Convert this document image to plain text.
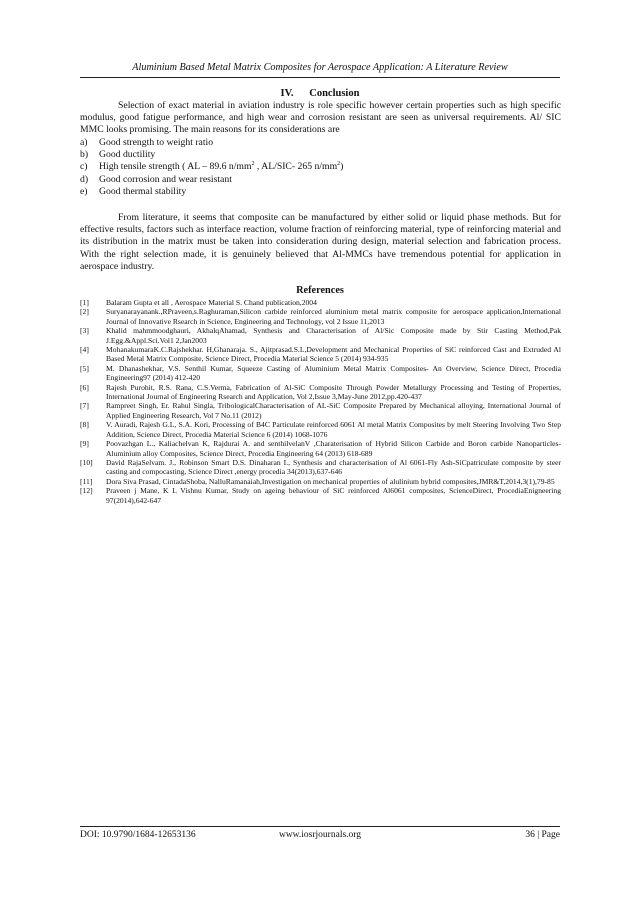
Aluminium Based Metal Matrix Composites for Aerospace Application: A Literature Review
IV. Conclusion
Selection of exact material in aviation industry is role specific however certain properties such as high specific modulus, good fatigue performance, and high wear and corrosion resistant are seen as universal requirements. Al/ SIC MMC looks promising. The main reasons for its considerations are
a) Good strength to weight ratio
b) Good ductility
c) High tensile strength ( AL – 89.6 $n/mm^2$ , AL/SIC- 265 $n/mm^2$)
d) Good corrosion and wear resistant
e) Good thermal stability
From literature, it seems that composite can be manufactured by either solid or liquid phase methods. But for effective results, factors such as interface reaction, volume fraction of reinforcing material, type of reinforcing material and its distribution in the matrix must be taken into consideration during design, material selection and fabrication process. With the right selection made, it is genuinely believed that Al-MMCs have tremendous potential for application in aerospace industry.
References
[1]	Balaram Gupta et all , Aerospace Material S. Chand publication,2004
[2]	Suryanarayanank.,RPraveen,s.Raghuraman,Silicon carbide reinforced aluminium metal matrix composite for aerospace application,International Journal of Innovative Rsearch in Science, Engineering and Technology, vol 2 Issue 11,2013
[3]	Khalid mahmmoodghauri, AkhalqAhamad, Synthesis and Characterisation of Al/Sic Composite made by Stir Casting Method,Pak J.Egg.&Appl.Sci.Vol1 2,Jan2003
[4]	MohanakumaraK.C.Rajshekhar. H,Ghanaraja. S., Ajitprasad.S.L,Development and Mechanical Properties of SiC reinforced Cast and Extruded Al Based Metal Matrix Composite, Science Direct, Procedia Material Science 5 (2014) 934-935
[5]	M. Dhanashekhar, V.S. Senthil Kumar, Squeeze Casting of Aluminium Metal Matrix Composites- An Overview, Science Direct, Procedia Engineering97 (2014) 412-420
[6]	Rajesh Purohit, R.S. Rana, C.S.Verma, Fabrication of Al-SiC Composite Through Powder Metallurgy Processing and Testing of Properties, International Journal of Engineering Rsearch and Application, Vol 2,Issue 3,May-June 2012,pp.420-437
[7]	Rampreet Singh, Er. Rahul Singla, TribologicalCharacterisation of AL-SiC Composite Prepared by Mechanical alloying, International Journal of Applied Engineering Research, Vol 7 No.11 (2012)
[8]	V. Auradi, Rajesh G.L, S.A. Kori, Processing of B4C Particulate reinforced 6061 Al metal Matrix Composites by melt Steering Involving Two Step Addition, Science Direct, Procedia Material Science 6 (2014) 1068-1076
[9]	Poovazhgan L., Kaliachelvan K, Rajdurai A. and senthilvelanV ,Charaterisation of Hybrid Silicon Carbide and Boron carbide Nanoparticles-Aluminium alloy Composites, Science Direct, Procedia Engineering 64 (2013) 618-689
[10]	David RajaSelvam. J., Robinson Smart D.S. Dinaharan I., Synthesis and characterisation of Al 6061-Fly Ash-SiCpatriculate composite by steer casting and compocasting, Science Direct ,energy procedia 34(2013),637-646
[11]	Dora Siva Prasad, CintadaShoba, NalluRamanaiah,Investigation on mechanical properties of alulinium hybrid composites,JMR&T,2014,3(1),79-85
[12]	Praveen j Mane, K L Vishnu Kumar, Study on ageing behaviour of SiC reinforced Al6061 composites, ScienceDirect, ProcediaEnigneering 97(2014),642-647
DOI: 10.9790/1684-12653136	www.iosrjournals.org	36 | Page
